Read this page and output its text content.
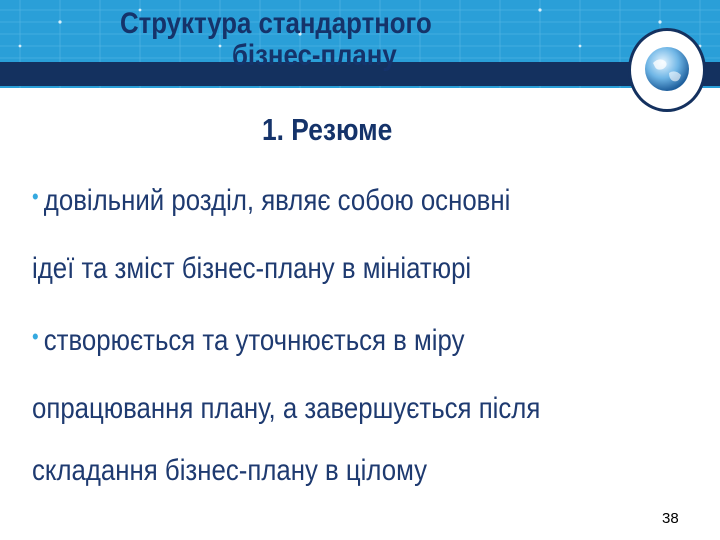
Структура стандартного
бізнес-плану
1. Резюме
• довільний розділ, являє собою основні
ідеї та зміст бізнес-плану в мініатюрі
• створюється та уточнюється в міру
опрацювання плану, а завершується після
складання бізнес-плану в цілому
38
